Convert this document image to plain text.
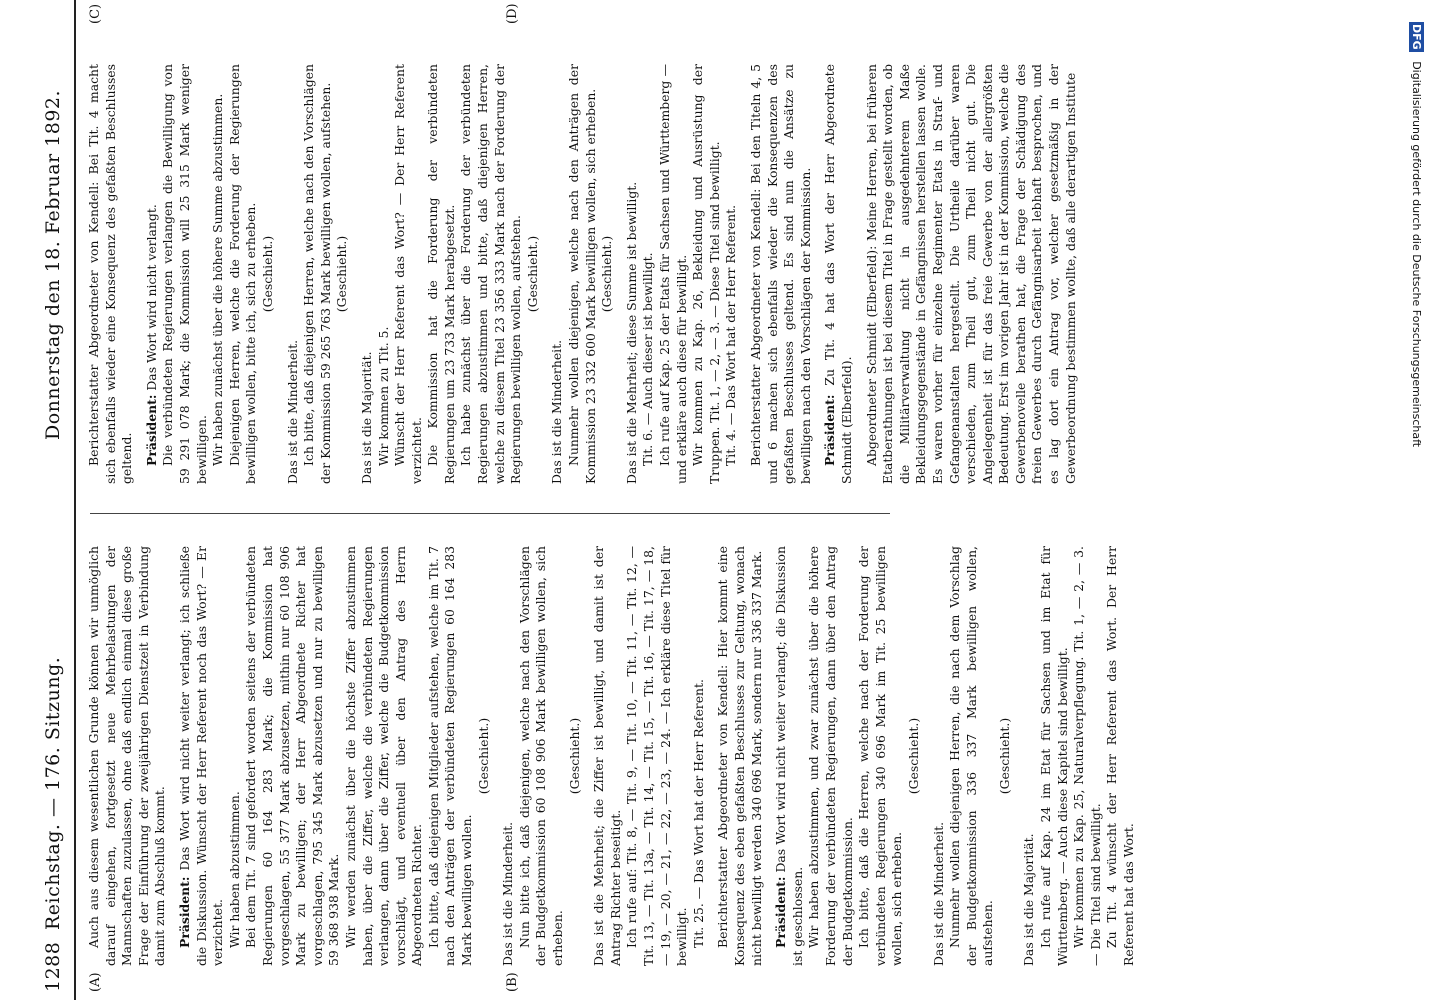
1288
Reichstag. — 176. Sitzung.
Donnerstag den 18. Februar 1892.
(A)	(B)
(C)	(D)

Auch aus diesem wesentlichen Grunde können wir unmöglich darauf eingehen, fortgesetzt neue Mehrbelastungen der Mannschaften zuzulassen, ohne daß endlich einmal diese große Frage der Einführung der zweijährigen Dienstzeit in Verbindung damit zum Abschluß kommt. Präsident: Das Wort wird nicht weiter verlangt; ich schließe die Diskussion. Wünscht der Herr Referent noch das Wort? — Er verzichtet. Wir haben abzustimmen. Bei dem Tit. 7 sind gefordert worden seitens der verbündeten Regierungen 60 164 283 Mark; die Kommission hat vorgeschlagen, 55 377 Mark abzusetzen, mithin nur 60 108 906 Mark zu bewilligen; der Herr Abgeordnete Richter hat vorgeschlagen, 795 345 Mark abzusetzen und nur zu bewilligen 59 368 938 Mark. Wir werden zunächst über die höchste Ziffer abzustimmen haben, über die Ziffer, welche die verbündeten Regierungen verlangen, dann über die Ziffer, welche die Budgetkommission vorschlägt, und eventuell über den Antrag des Herrn Abgeordneten Richter. Ich bitte, daß diejenigen Mitglieder aufstehen, welche im Tit. 7 nach den Anträgen der verbündeten Regierungen 60 164 283 Mark bewilligen wollen.

(Geschieht.)

Das ist die Minderheit. Nun bitte ich, daß diejenigen, welche nach den Vorschlägen der Budgetkommission 60 108 906 Mark bewilligen wollen, sich erheben.

(Geschieht.) Das ist die Mehrheit; die Ziffer ist bewilligt, und damit ist der Antrag Richter beseitigt. Ich rufe auf: Tit. 8, — Tit. 9, — Tit. 10, — Tit. 11, — Tit. 12, — Tit. 13, — Tit. 13a, — Tit. 14, — Tit. 15, — Tit. 16, — Tit. 17, — 18, — 19, — 20, — 21, — 22, — 23, — 24. — Ich erkläre diese Titel für bewilligt. Tit. 25. — Das Wort hat der Herr Referent. Berichterstatter Abgeordneter von Kendell: Hier kommt eine Konsequenz des eben gefaßten Beschlusses zur Geltung, wonach nicht bewilligt werden 340 696 Mark, sondern nur 336 337 Mark. Präsident: Das Wort wird nicht weiter verlangt; die Diskussion ist geschlossen. Wir haben abzustimmen, und zwar zunächst über die höhere Forderung der verbündeten Regierungen, dann über den Antrag der Budgetkommission. Ich bitte, daß die Herren, welche nach der Forderung der verbündeten Regierungen 340 696 Mark im Tit. 25 bewilligen wollen, sich erheben.

(Geschieht.)

Das ist die Minderheit. Nunmehr wollen diejenigen Herren, die nach dem Vorschlag der Budgetkommission 336 337 Mark bewilligen wollen, aufstehen.

(Geschieht.)

Das ist die Majorität. Ich rufe auf Kap. 24 im Etat für Sachsen und im Etat für Württemberg. — Auch diese Kapitel sind bewilligt. Wir kommen zu Kap. 25, Naturalverpflegung. Tit. 1, — 2, — 3. — Die Titel sind bewilligt. Zu Tit. 4 wünscht der Herr Referent das Wort. Der Herr Referent hat das Wort.

Berichterstatter Abgeordneter von Kendell: Bei Tit. 4 macht sich ebenfalls wieder eine Konsequenz des gefaßten Beschlusses geltend. Präsident: Das Wort wird nicht verlangt. Die verbündeten Regierungen verlangen die Bewilligung von 59 291 078 Mark; die Kommission will 25 315 Mark weniger bewilligen. Wir haben zunächst über die höhere Summe abzustimmen. Diejenigen Herren, welche die Forderung der Regierungen bewilligen wollen, bitte ich, sich zu erheben. (Geschieht.)

Das ist die Minderheit. Ich bitte, daß diejenigen Herren, welche nach den Vorschlägen der Kommission 59 265 763 Mark bewilligen wollen, aufstehen. (Geschieht.)

Das ist die Majorität. Wir kommen zu Tit. 5. Wünscht der Herr Referent das Wort? — Der Herr Referent verzichtet. Die Kommission hat die Forderung der verbündeten Regierungen um 23 733 Mark herabgesetzt. Ich habe zunächst über die Forderung der verbündeten Regierungen abzustimmen und bitte, daß diejenigen Herren, welche zu diesem Titel 23 356 333 Mark nach der Forderung der Regierungen bewilligen wollen, aufstehen. (Geschieht.)

Das ist die Minderheit. Nunmehr wollen diejenigen, welche nach den Anträgen der Kommission 23 332 600 Mark bewilligen wollen, sich erheben. (Geschieht.) Das ist die Mehrheit; diese Summe ist bewilligt. Tit. 6. — Auch dieser ist bewilligt. Ich rufe auf Kap. 25 der Etats für Sachsen und Württemberg — und erkläre auch diese für bewilligt. Wir kommen zu Kap. 26, Bekleidung und Ausrüstung der Truppen. Tit. 1, — 2, — 3. — Diese Titel sind bewilligt. Tit. 4. — Das Wort hat der Herr Referent. Berichterstatter Abgeordneter von Kendell: Bei den Titeln 4, 5 und 6 machen sich ebenfalls wieder die Konsequenzen des gefaßten Beschlusses geltend. Es sind nun die Ansätze zu bewilligen nach den Vorschlägen der Kommission. Präsident: Zu Tit. 4 hat das Wort der Herr Abgeordnete Schmidt (Elberfeld). Abgeordneter Schmidt (Elberfeld): Meine Herren, bei früheren Etatberathungen ist bei diesem Titel in Frage gestellt worden, ob die Militärverwaltung nicht in ausgedehnterem Maße Bekleidungsgegenstände in Gefängnissen herstellen lassen wolle. Es waren vorher für einzelne Regimenter Etats in Straf- und Gefangenanstalten hergestellt. Die Urtheile darüber waren verschieden, zum Theil gut, zum Theil nicht gut. Die Angelegenheit ist für das freie Gewerbe von der allergrößten Bedeutung. Erst im vorigen Jahr ist in der Kommission, welche die Gewerbenovelle berathen hat, die Frage der Schädigung des freien Gewerbes durch Gefängnisarbeit lebhaft besprochen, und es lag dort ein Antrag vor, welcher gesetzmäßig in der Gewerbeordnung bestimmen wollte, daß alle derartigen Institute

DFG Digitalisierung gefördert durch die Deutsche Forschungsgemeinschaft
